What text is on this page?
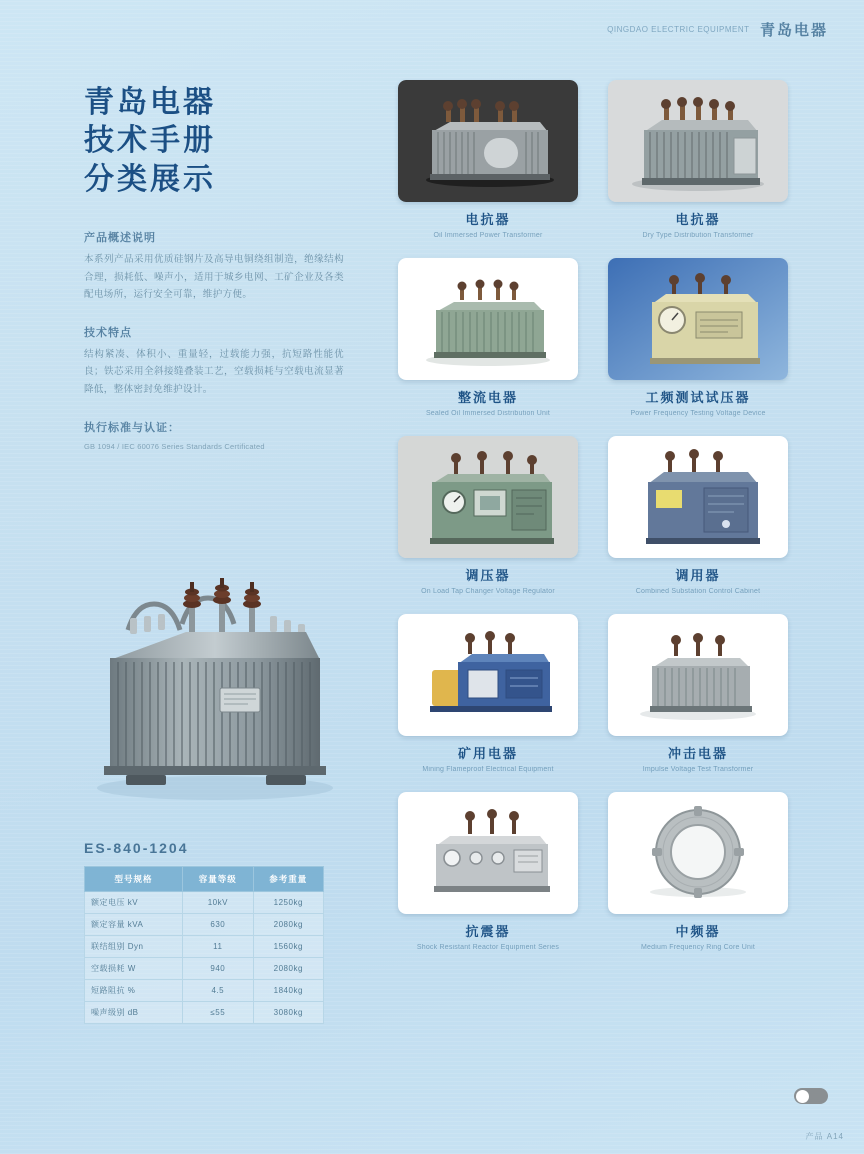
QINGDAO ELECTRIC EQUIPMENT 青岛电器
青岛电器
技术手册
分类展示
产品概述说明

本系列产品采用优质硅钢片及高导电铜绕组制造，绝缘结构合理，损耗低、噪声小，适用于城乡电网、工矿企业及各类配电场所，运行安全可靠，维护方便。

技术特点

结构紧凑、体积小、重量轻，过载能力强，抗短路性能优良；铁芯采用全斜接缝叠装工艺，空载损耗与空载电流显著降低，整体密封免维护设计。

执行标准与认证：

GB 1094 / IEC 60076 Series Standards Certificated

ES-840-1204
型号规格	容量等级	参考重量
额定电压 kV	10kV	1250kg
额定容量 kVA	630	2080kg
联结组别 Dyn	11	1560kg
空载损耗 W	940	2080kg
短路阻抗 %	4.5	1840kg
噪声级别 dB	≤55	3080kg
电抗器
Oil Immersed Power Transformer
电抗器
Dry Type Distribution Transformer
整流电器
Sealed Oil Immersed Distribution Unit
工频测试试压器
Power Frequency Testing Voltage Device
调压器
On Load Tap Changer Voltage Regulator
调用器
Combined Substation Control Cabinet
矿用电器
Mining Flameproof Electrical Equipment
冲击电器
Impulse Voltage Test Transformer
抗震器
Shock Resistant Reactor Equipment Series
中频器
Medium Frequency Ring Core Unit
产品 A14
